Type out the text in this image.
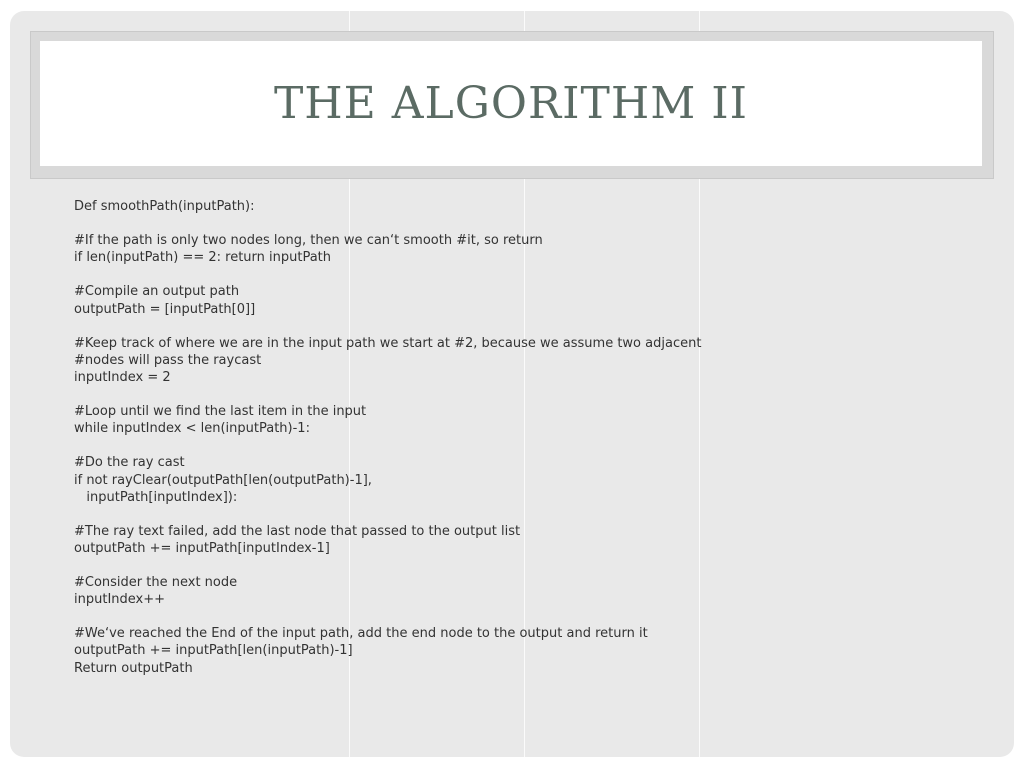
THE ALGORITHM II
Def smoothPath(inputPath):
#If the path is only two nodes long, then we can‘t smooth #it, so return
if len(inputPath) == 2: return inputPath
#Compile an output path
outputPath = [inputPath[0]]
#Keep track of where we are in the input path we start at #2, because we assume two adjacent
#nodes will pass the raycast
inputIndex = 2
#Loop until we find the last item in the input
while inputIndex < len(inputPath)-1:
#Do the ray cast
if not rayClear(outputPath[len(outputPath)-1],
inputPath[inputIndex]):
#The ray text failed, add the last node that passed to the output list
outputPath += inputPath[inputIndex-1]
#Consider the next node
inputIndex++
#We‘ve reached the End of the input path, add the end node to the output and return it
outputPath += inputPath[len(inputPath)-1]
Return outputPath
